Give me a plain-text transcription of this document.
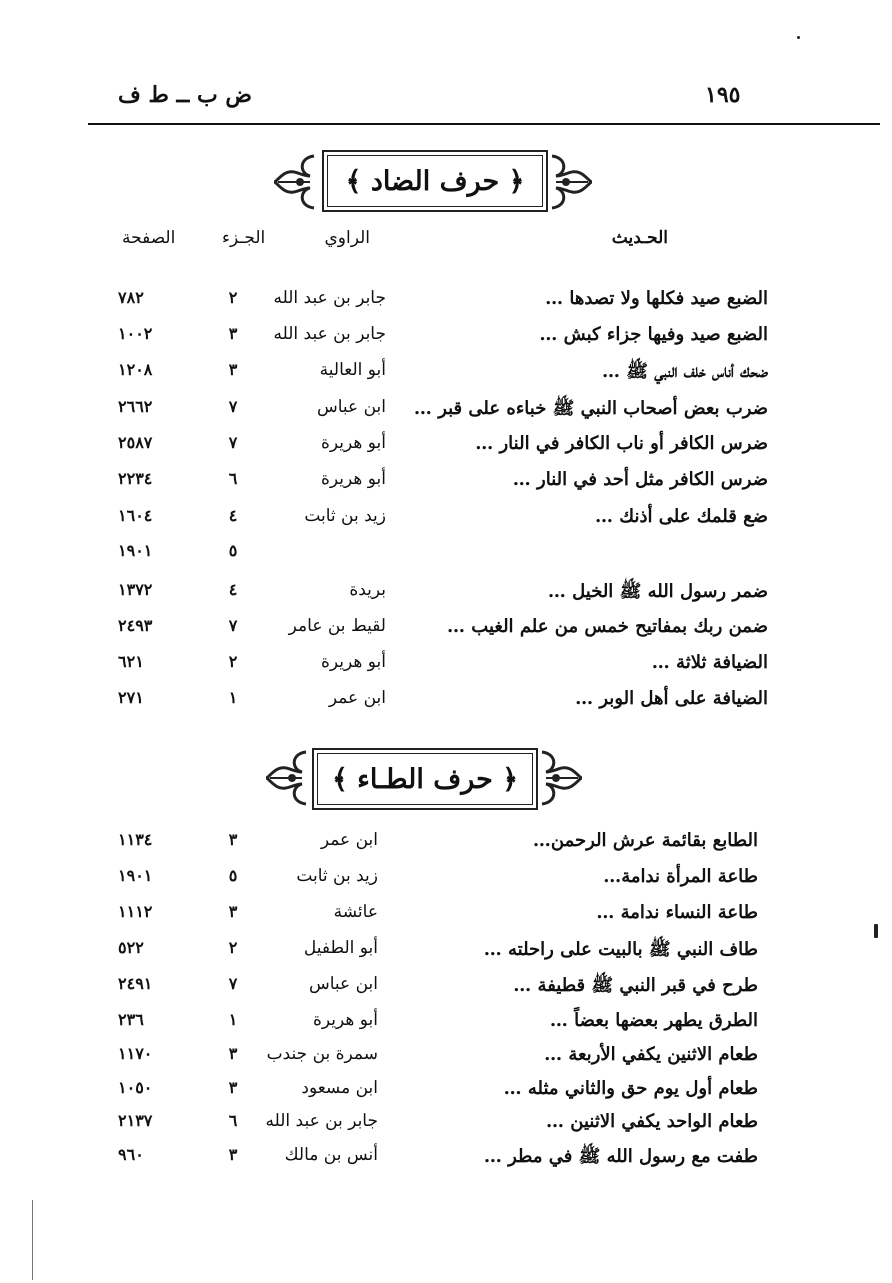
ض ب ــ ط ف	١٩٥
﴿ حرف الضاد ﴾
الحـديث
الراوي
الجـزء
الصفحة
الضبع صيد فكلها ولا تصدها …
جابر بن عبد الله
٢
٧٨٢
الضبع صيد وفيها جزاء كبش …
جابر بن عبد الله
٣
١٠٠٢
ضحك أناس خلف النبي ﷺ …
أبو العالية
٣
١٢٠٨
ضرب بعض أصحاب النبي ﷺ خباءه على قبر …
ابن عباس
٧
٢٦٦٢
ضرس الكافر أو ناب الكافر في النار …
أبو هريرة
٧
٢٥٨٧
ضرس الكافر مثل أحد في النار …
أبو هريرة
٦
٢٢٣٤
ضع قلمك على أذنك …
زيد بن ثابت
٤
١٦٠٤
٥
١٩٠١
ضمر رسول الله ﷺ الخيل …
بريدة
٤
١٣٧٢
ضمن ربك بمفاتيح خمس من علم الغيب …
لقيط بن عامر
٧
٢٤٩٣
الضيافة ثلاثة …
أبو هريرة
٢
٦٢١
الضيافة على أهل الوبر …
ابن عمر
١
٢٧١
﴿ حرف الطـاء ﴾
الطابع بقائمة عرش الرحمن…
ابن عمر
٣
١١٣٤
طاعة المرأة ندامة…
زيد بن ثابت
٥
١٩٠١
طاعة النساء ندامة …
عائشة
٣
١١١٢
طاف النبي ﷺ بالبيت على راحلته …
أبو الطفيل
٢
٥٢٢
طرح في قبر النبي ﷺ قطيفة …
ابن عباس
٧
٢٤٩١
الطرق يطهر بعضها بعضاً …
أبو هريرة
١
٢٣٦
طعام الاثنين يكفي الأربعة …
سمرة بن جندب
٣
١١٧٠
طعام أول يوم حق والثاني مثله …
ابن مسعود
٣
١٠٥٠
طعام الواحد يكفي الاثنين …
جابر بن عبد الله
٦
٢١٣٧
طفت مع رسول الله ﷺ في مطر …
أنس بن مالك
٣
٩٦٠
